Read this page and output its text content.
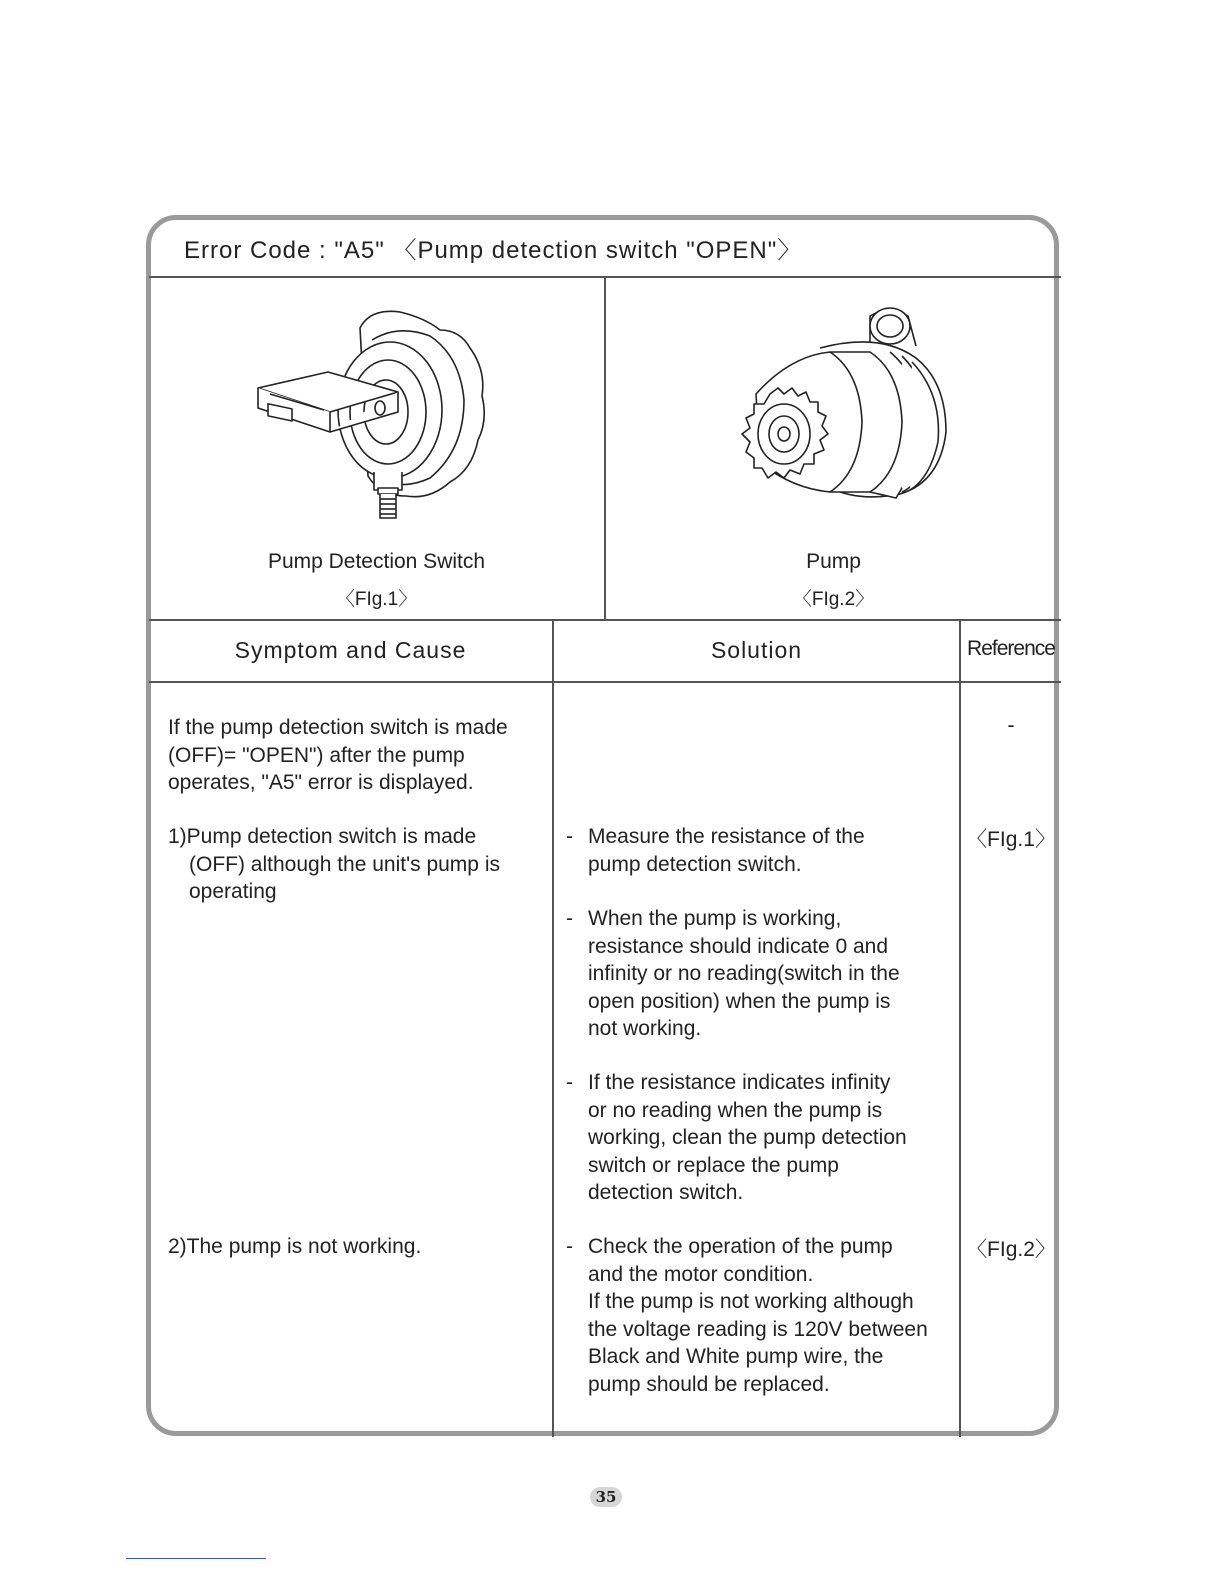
Error Code : "A5" 〈Pump detection switch "OPEN"〉
Pump Detection Switch
〈FIg.1〉
Pump
〈FIg.2〉
Symptom and Cause	Solution	Reference
If the pump detection switch is made
(OFF)= "OPEN") after the pump
operates, "A5" error is displayed.
-
1)Pump detection switch is made
(OFF) although the unit's pump is
operating
2)The pump is not working.
- Measure the resistance of the
pump detection switch.
- When the pump is working,
resistance should indicate 0 and
infinity or no reading(switch in the
open position) when the pump is
not working.
- If the resistance indicates infinity
or no reading when the pump is
working, clean the pump detection
switch or replace the pump
detection switch.
- Check the operation of the pump
and the motor condition.
If the pump is not working although
the voltage reading is 120V between
Black and White pump wire, the
pump should be replaced.
〈FIg.1〉
〈FIg.2〉
35
